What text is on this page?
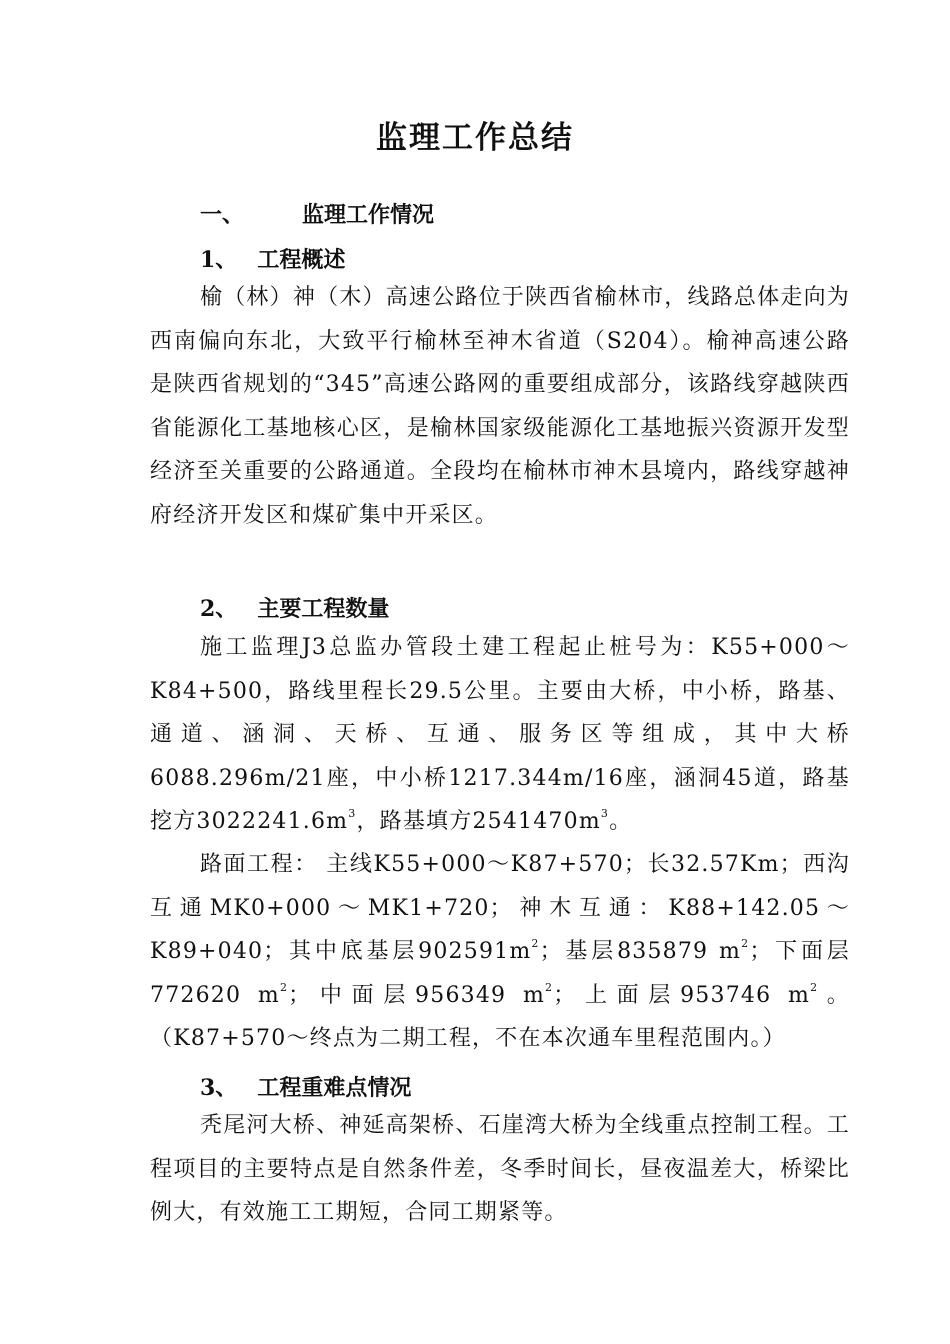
监理工作总结
一、	监理工作情况
1、 工程概述

榆（林）神（木）高速公路位于陕西省榆林市，线路总体走向为西南偏向东北，大致平行榆林至神木省道（S204）。榆神高速公路是陕西省规划的“345”高速公路网的重要组成部分，该路线穿越陕西省能源化工基地核心区，是榆林国家级能源化工基地振兴资源开发型经济至关重要的公路通道。全段均在榆林市神木县境内，路线穿越神府经济开发区和煤矿集中开采区。

2、 主要工程数量

施工监理J3总监办管段土建工程起止桩号为：K55+000～K84+500，路线里程长29.5公里。主要由大桥，中小桥，路基、通道、涵洞、天桥、互通、服务区等组成，其中大桥6088.296m/21座，中小桥1217.344m/16座，涵洞45道，路基挖方$3022241.6m^3$，路基填方$2541470m^3$。

路面工程： 主线K55+000～K87+570；长32.57Km；西沟互通MK0+000～MK1+720；神木互通：K88+142.05～K89+040；其中底基层$902591m^2$；基层835879 $m^2$；下面层772620 $m^2$；中面层956349 $m^2$；上面层953746 $m^2$。（K87+570～终点为二期工程，不在本次通车里程范围内。）

3、 工程重难点情况

秃尾河大桥、神延高架桥、石崖湾大桥为全线重点控制工程。工程项目的主要特点是自然条件差，冬季时间长，昼夜温差大，桥梁比例大，有效施工工期短，合同工期紧等。
